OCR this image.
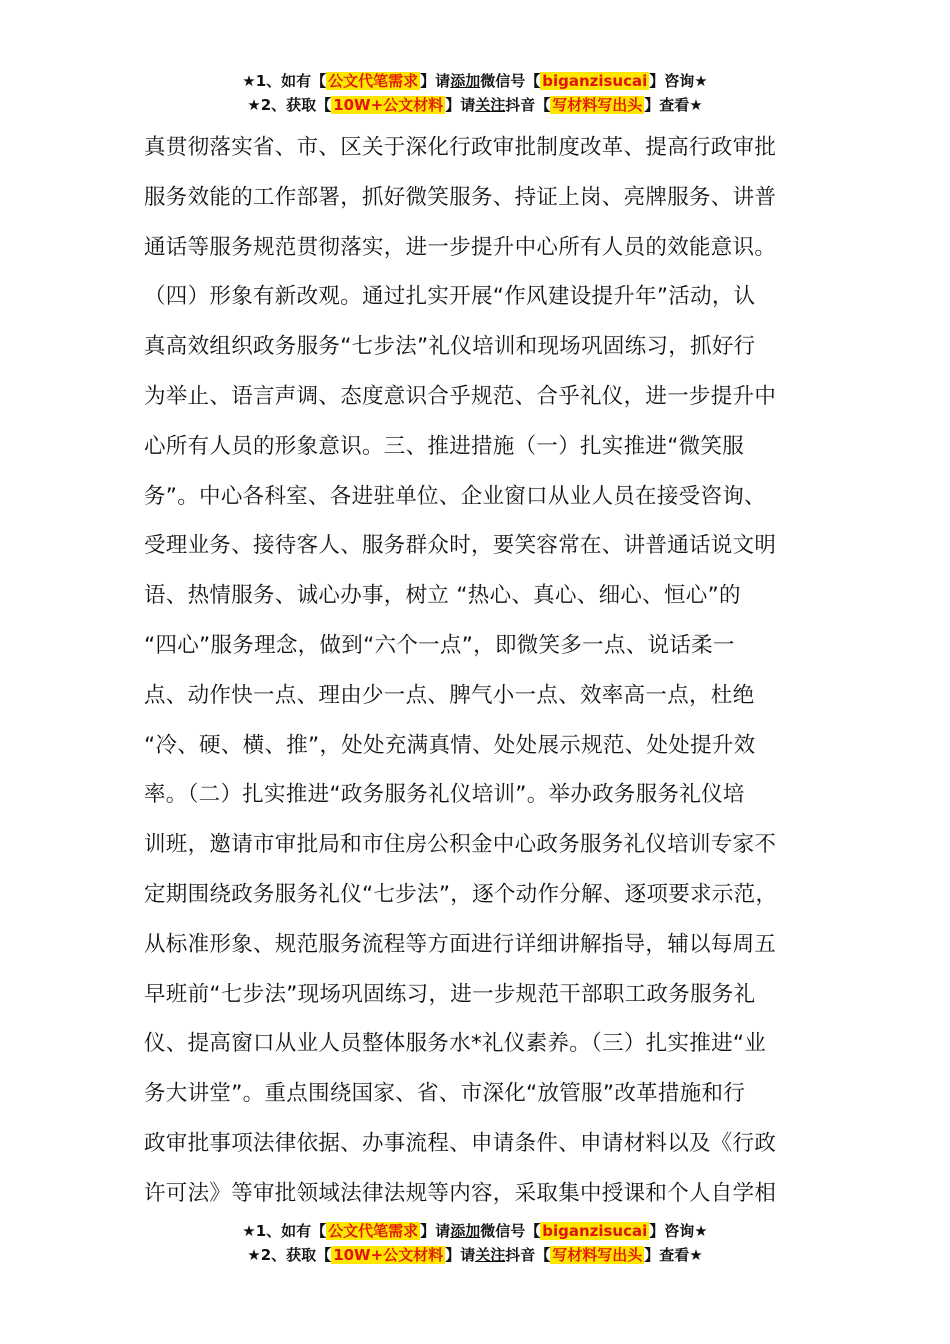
★1、如有【 公文代笔需求 】请添加微信号【 biganzisucai 】咨询★
★2、获取【 10W+公文材料 】请关注抖音【 写材料写出头 】查看★
真贯彻落实省、市、区关于深化行政审批制度改革、提高行政审批
服务效能的工作部署，抓好微笑服务、持证上岗、亮牌服务、讲普
通话等服务规范贯彻落实，进一步提升中心所有人员的效能意识。
（四）形象有新改观。通过扎实开展“作风建设提升年”活动，认
真高效组织政务服务“七步法”礼仪培训和现场巩固练习，抓好行
为举止、语言声调、态度意识合乎规范、合乎礼仪，进一步提升中
心所有人员的形象意识。三、推进措施（一）扎实推进“微笑服
务”。中心各科室、各进驻单位、企业窗口从业人员在接受咨询、
受理业务、接待客人、服务群众时，要笑容常在、讲普通话说文明
语、热情服务、诚心办事，树立 “热心、真心、细心、恒心”的
“四心”服务理念，做到“六个一点”，即微笑多一点、说话柔一
点、动作快一点、理由少一点、脾气小一点、效率高一点，杜绝
“冷、硬、横、推”，处处充满真情、处处展示规范、处处提升效
率。（二）扎实推进“政务服务礼仪培训”。举办政务服务礼仪培
训班，邀请市审批局和市住房公积金中心政务服务礼仪培训专家不
定期围绕政务服务礼仪“七步法”，逐个动作分解、逐项要求示范，
从标准形象、规范服务流程等方面进行详细讲解指导，辅以每周五
早班前“七步法”现场巩固练习，进一步规范干部职工政务服务礼
仪、提高窗口从业人员整体服务水*礼仪素养。（三）扎实推进“业
务大讲堂”。重点围绕国家、省、市深化“放管服”改革措施和行
政审批事项法律依据、办事流程、申请条件、申请材料以及《行政
许可法》等审批领域法律法规等内容，采取集中授课和个人自学相
★1、如有【 公文代笔需求 】请添加微信号【 biganzisucai 】咨询★
★2、获取【 10W+公文材料 】请关注抖音【 写材料写出头 】查看★
